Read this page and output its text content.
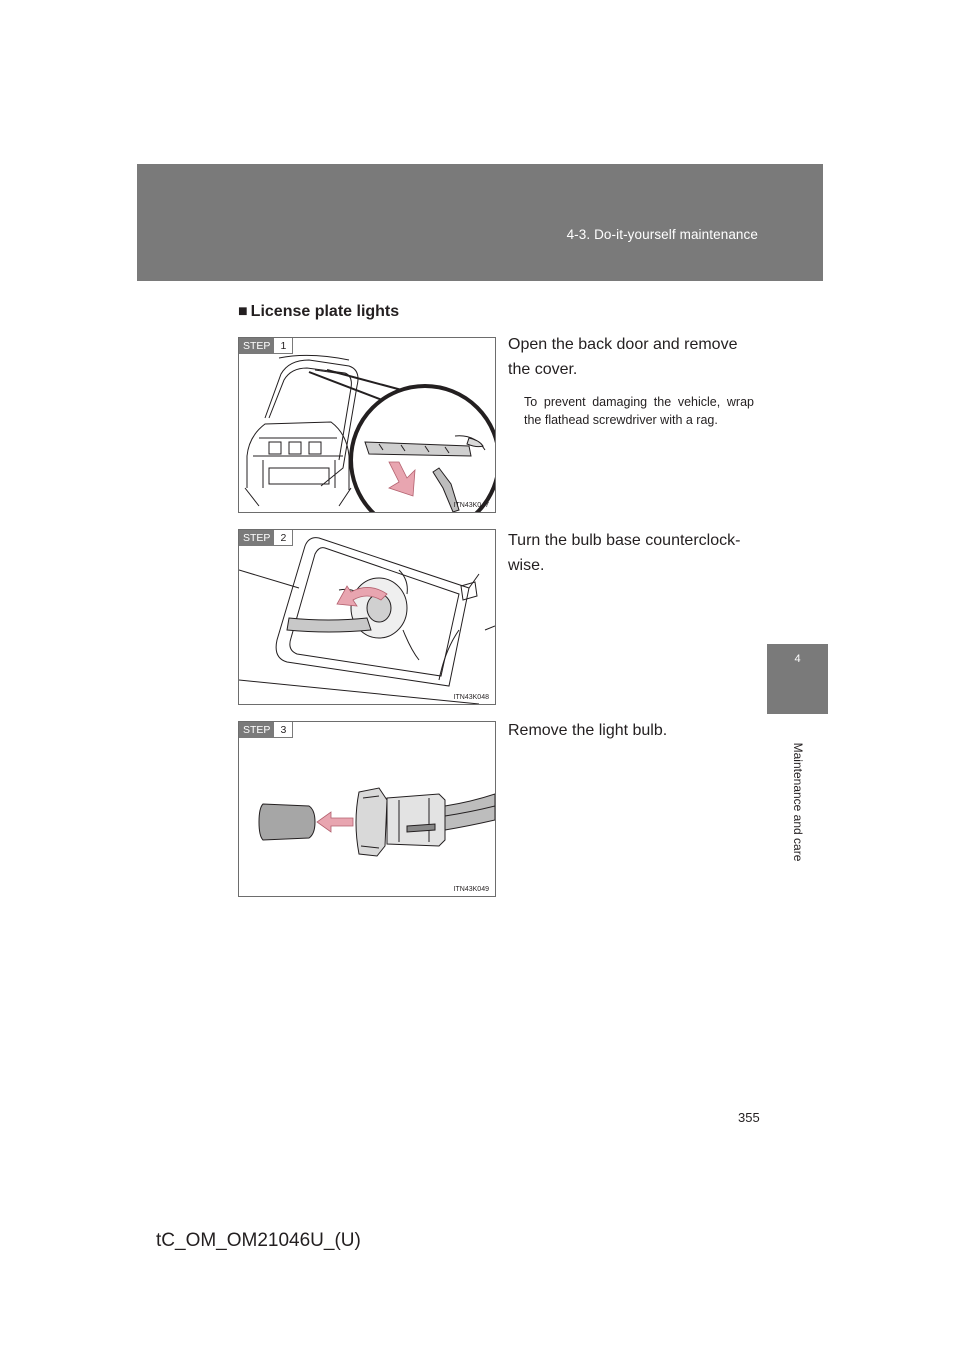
4-3. Do-it-yourself maintenance
4
Maintenance and care
■ License plate lights
STEP 1
ITN43K047
Open the back door and remove the cover.
To prevent damaging the vehicle, wrap the flathead screwdriver with a rag.
STEP 2
ITN43K048
Turn the bulb base counterclock-wise.
STEP 3
ITN43K049
Remove the light bulb.
355
tC_OM_OM21046U_(U)
